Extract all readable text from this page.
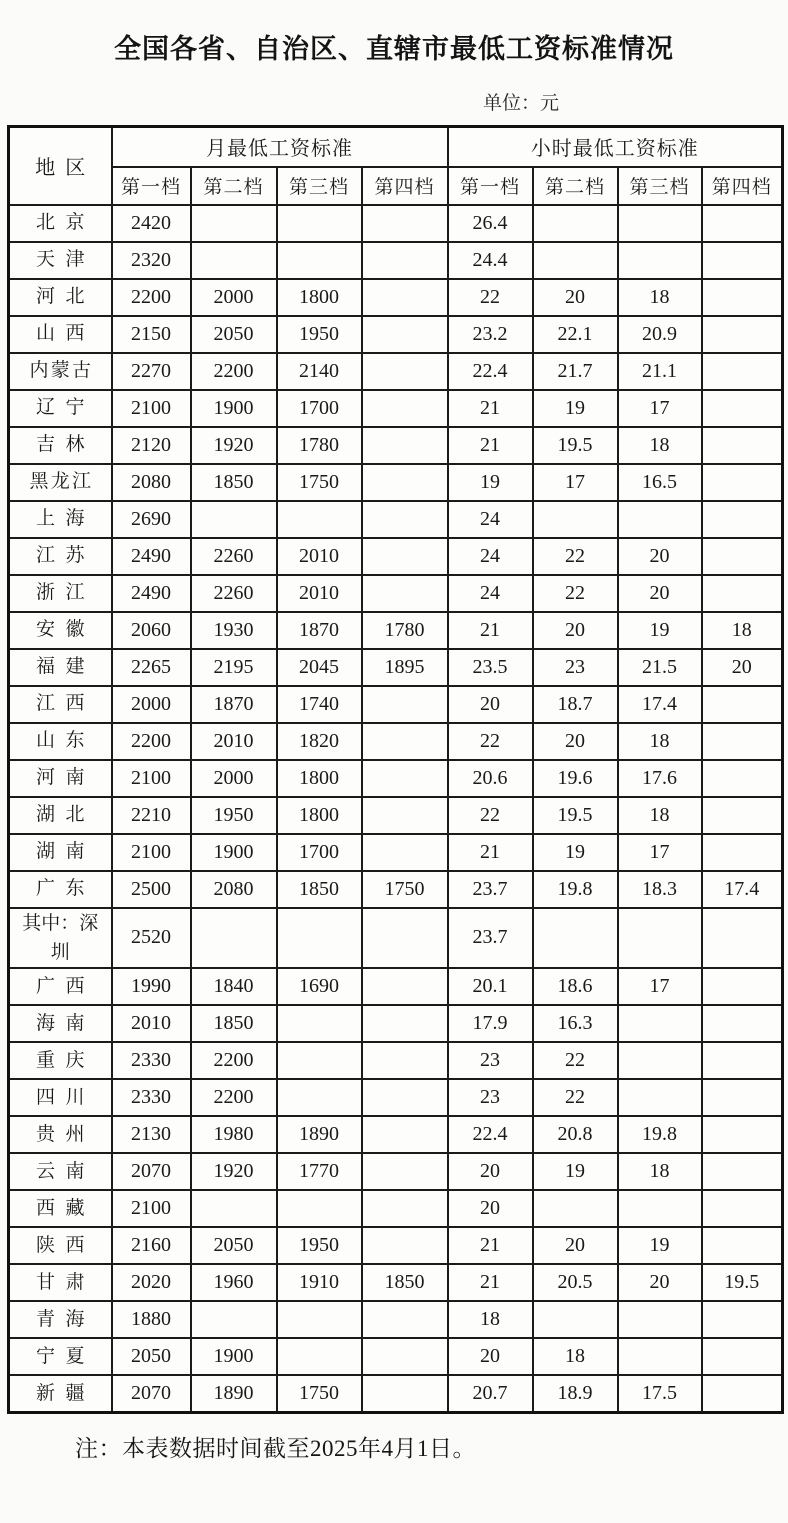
全国各省、自治区、直辖市最低工资标准情况
单位：元
地区	月最低工资标准				小时最低工资标准			
	第一档	第二档	第三档	第四档	第一档	第二档	第三档	第四档
北京	2420				26.4			
天津	2320				24.4			
河北	2200	2000	1800		22	20	18	
山西	2150	2050	1950		23.2	22.1	20.9	
内蒙古	2270	2200	2140		22.4	21.7	21.1	
辽宁	2100	1900	1700		21	19	17	
吉林	2120	1920	1780		21	19.5	18	
黑龙江	2080	1850	1750		19	17	16.5	
上海	2690				24			
江苏	2490	2260	2010		24	22	20	
浙江	2490	2260	2010		24	22	20	
安徽	2060	1930	1870	1780	21	20	19	18
福建	2265	2195	2045	1895	23.5	23	21.5	20
江西	2000	1870	1740		20	18.7	17.4	
山东	2200	2010	1820		22	20	18	
河南	2100	2000	1800		20.6	19.6	17.6	
湖北	2210	1950	1800		22	19.5	18	
湖南	2100	1900	1700		21	19	17	
广东	2500	2080	1850	1750	23.7	19.8	18.3	17.4
其中：深圳	2520				23.7			
广西	1990	1840	1690		20.1	18.6	17	
海南	2010	1850			17.9	16.3		
重庆	2330	2200			23	22		
四川	2330	2200			23	22		
贵州	2130	1980	1890		22.4	20.8	19.8	
云南	2070	1920	1770		20	19	18	
西藏	2100				20			
陕西	2160	2050	1950		21	20	19	
甘肃	2020	1960	1910	1850	21	20.5	20	19.5
青海	1880				18			
宁夏	2050	1900			20	18		
新疆	2070	1890	1750		20.7	18.9	17.5	
注：本表数据时间截至2025年4月1日。
